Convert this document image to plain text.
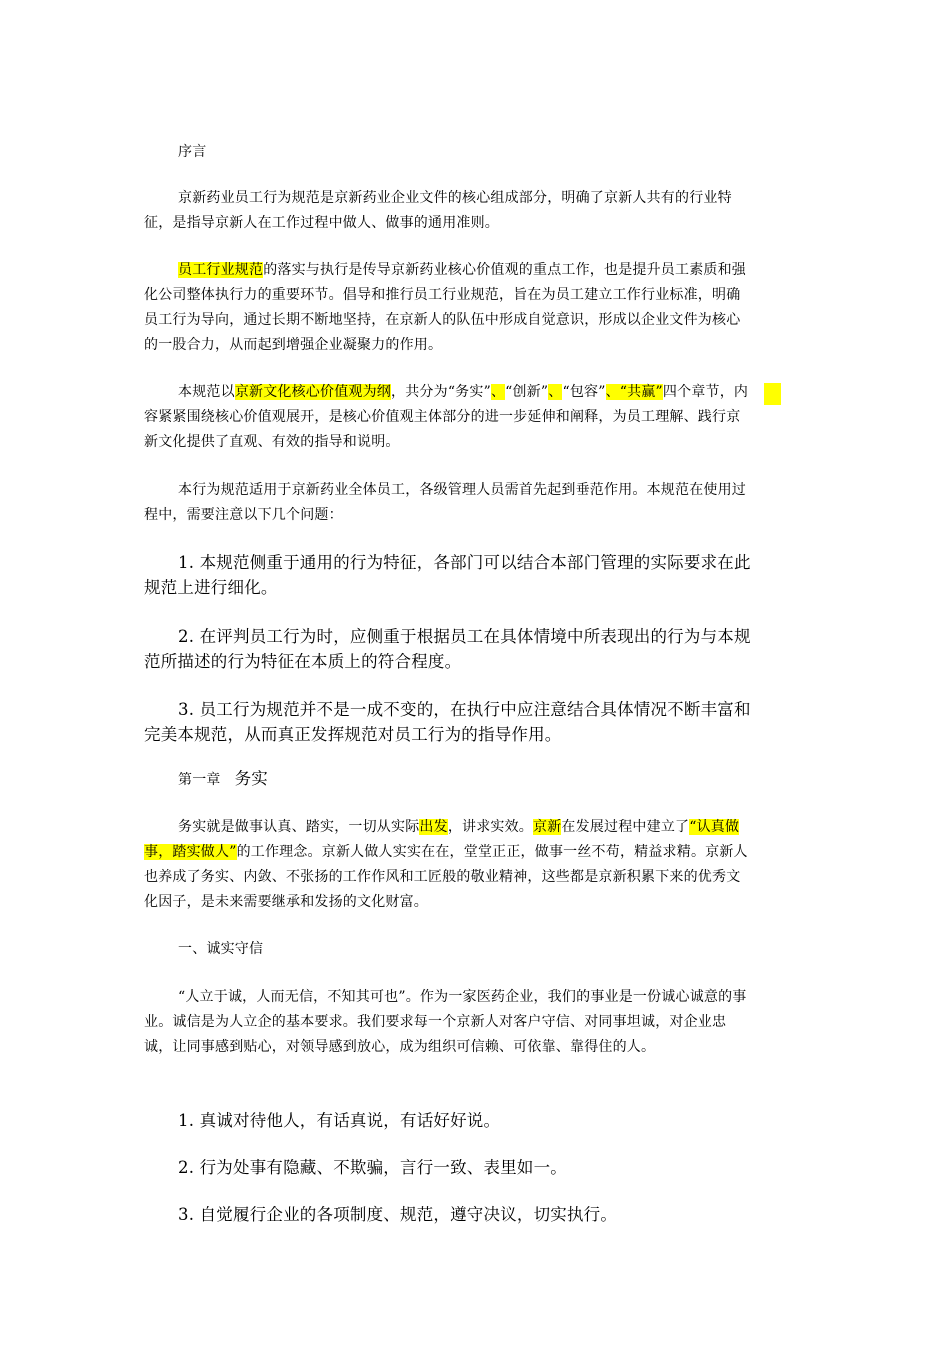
序言

京新药业员工行为规范是京新药业企业文件的核心组成部分，明确了京新人共有的行业特征，是指导京新人在工作过程中做人、做事的通用准则。

员工行业规范的落实与执行是传导京新药业核心价值观的重点工作，也是提升员工素质和强化公司整体执行力的重要环节。倡导和推行员工行业规范，旨在为员工建立工作行业标准，明确员工行为导向，通过长期不断地坚持，在京新人的队伍中形成自觉意识，形成以企业文件为核心的一股合力，从而起到增强企业凝聚力的作用。

本规范以京新文化核心价值观为纲，共分为“务实”、“创新”、“包容”、“共赢”四个章节，内容紧紧围绕核心价值观展开，是核心价值观主体部分的进一步延伸和阐释，为员工理解、践行京新文化提供了直观、有效的指导和说明。

本行为规范适用于京新药业全体员工，各级管理人员需首先起到垂范作用。本规范在使用过程中，需要注意以下几个问题：

1. 本规范侧重于通用的行为特征，各部门可以结合本部门管理的实际要求在此规范上进行细化。

2. 在评判员工行为时，应侧重于根据员工在具体情境中所表现出的行为与本规范所描述的行为特征在本质上的符合程度。

3. 员工行为规范并不是一成不变的，在执行中应注意结合具体情况不断丰富和完美本规范，从而真正发挥规范对员工行为的指导作用。

第一章 务实

务实就是做事认真、踏实，一切从实际出发，讲求实效。京新在发展过程中建立了“认真做事，踏实做人”的工作理念。京新人做人实实在在，堂堂正正，做事一丝不苟，精益求精。京新人也养成了务实、内敛、不张扬的工作作风和工匠般的敬业精神，这些都是京新积累下来的优秀文化因子，是未来需要继承和发扬的文化财富。

一、诚实守信

“人立于诚，人而无信，不知其可也”。作为一家医药企业，我们的事业是一份诚心诚意的事业。诚信是为人立企的基本要求。我们要求每一个京新人对客户守信、对同事坦诚，对企业忠诚，让同事感到贴心，对领导感到放心，成为组织可信赖、可依靠、靠得住的人。

1. 真诚对待他人，有话真说，有话好好说。

2. 行为处事有隐藏、不欺骗，言行一致、表里如一。

3. 自觉履行企业的各项制度、规范，遵守决议，切实执行。
